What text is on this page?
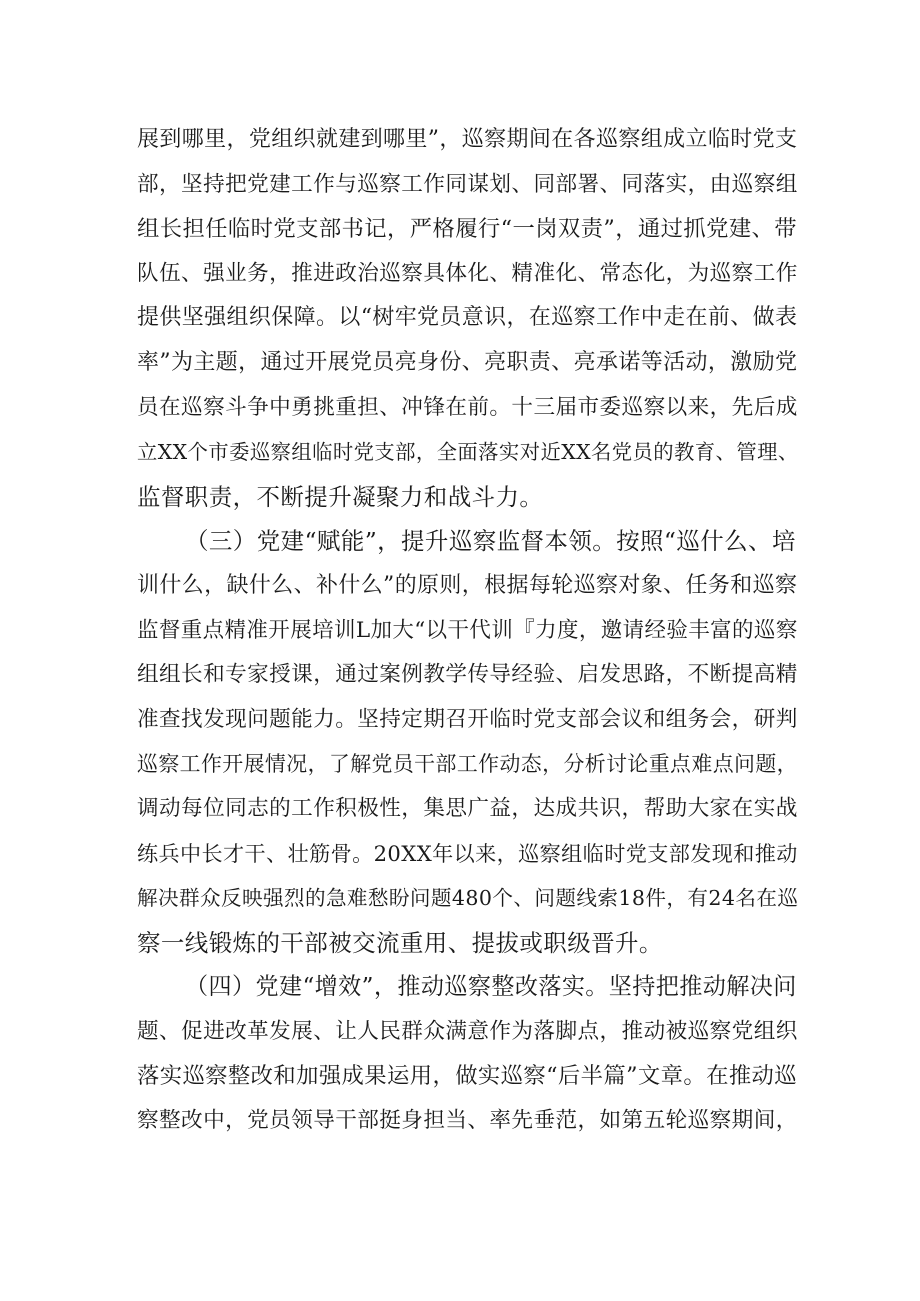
展到哪里，党组织就建到哪里”，巡察期间在各巡察组成立临时党支
部，坚持把党建工作与巡察工作同谋划、同部署、同落实，由巡察组
组长担任临时党支部书记，严格履行“一岗双责”，通过抓党建、带
队伍、强业务，推进政治巡察具体化、精准化、常态化，为巡察工作
提供坚强组织保障。以“树牢党员意识，在巡察工作中走在前、做表
率”为主题，通过开展党员亮身份、亮职责、亮承诺等活动，激励党
员在巡察斗争中勇挑重担、冲锋在前。十三届市委巡察以来，先后成
立XX个市委巡察组临时党支部，全面落实对近XX名党员的教育、管理、
监督职责，不断提升凝聚力和战斗力。
（三）党建“赋能”，提升巡察监督本领。按照“巡什么、培
训什么，缺什么、补什么”的原则，根据每轮巡察对象、任务和巡察
监督重点精准开展培训L加大“以干代训『力度，邀请经验丰富的巡察
组组长和专家授课，通过案例教学传导经验、启发思路，不断提高精
准查找发现问题能力。坚持定期召开临时党支部会议和组务会，研判
巡察工作开展情况，了解党员干部工作动态，分析讨论重点难点问题，
调动每位同志的工作积极性，集思广益，达成共识，帮助大家在实战
练兵中长才干、壮筋骨。20XX年以来，巡察组临时党支部发现和推动
解决群众反映强烈的急难愁盼问题480个、问题线索18件，有24名在巡
察一线锻炼的干部被交流重用、提拔或职级晋升。
（四）党建“增效”，推动巡察整改落实。坚持把推动解决问
题、促进改革发展、让人民群众满意作为落脚点，推动被巡察党组织
落实巡察整改和加强成果运用，做实巡察“后半篇”文章。在推动巡
察整改中，党员领导干部挺身担当、率先垂范，如第五轮巡察期间，
